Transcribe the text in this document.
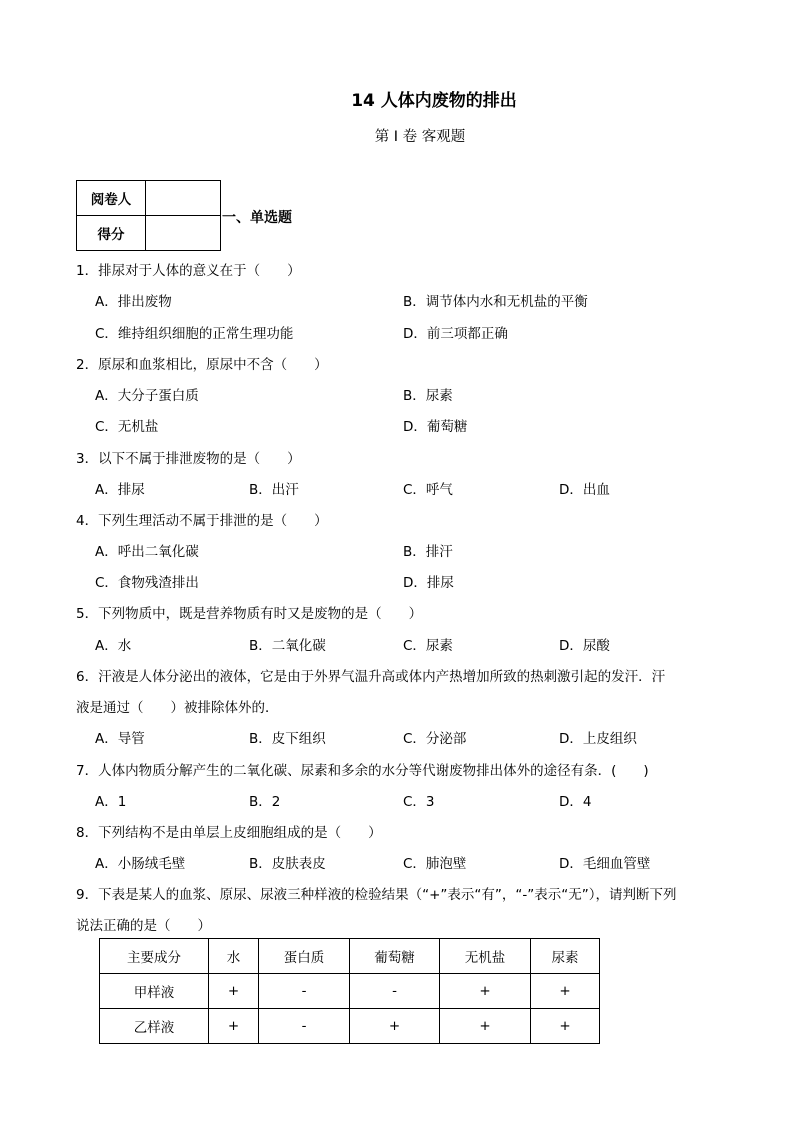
14 人体内废物的排出
第 I 卷 客观题
阅卷人	
得分	
一、单选题
1．排尿对于人体的意义在于（　　）
A．排出废物	B．调节体内水和无机盐的平衡
C．维持组织细胞的正常生理功能	D．前三项都正确
2．原尿和血浆相比，原尿中不含（　　）
A．大分子蛋白质	B．尿素
C．无机盐	D．葡萄糖
3．以下不属于排泄废物的是（　　）
A．排尿	B．出汗	C．呼气	D．出血
4．下列生理活动不属于排泄的是（　　）
A．呼出二氧化碳	B．排汗
C．食物残渣排出	D．排尿
5．下列物质中，既是营养物质有时又是废物的是（　　）
A．水	B．二氧化碳	C．尿素	D．尿酸
6．汗液是人体分泌出的液体，它是由于外界气温升高或体内产热增加所致的热刺激引起的发汗．汗
液是通过（　　）被排除体外的．
A．导管	B．皮下组织	C．分泌部	D．上皮组织
7．人体内物质分解产生的二氧化碳、尿素和多余的水分等代谢废物排出体外的途径有条．(　　)
A．1	B．2	C．3	D．4
8．下列结构不是由单层上皮细胞组成的是（　　）
A．小肠绒毛壁	B．皮肤表皮	C．肺泡壁	D．毛细血管壁
9．下表是某人的血浆、原尿、尿液三种样液的检验结果（“+”表示“有”，“-”表示“无”），请判断下列
说法正确的是（　　）
主要成分	水	蛋白质	葡萄糖	无机盐	尿素
甲样液	+	-	-	+	+
乙样液	+	-	+	+	+
